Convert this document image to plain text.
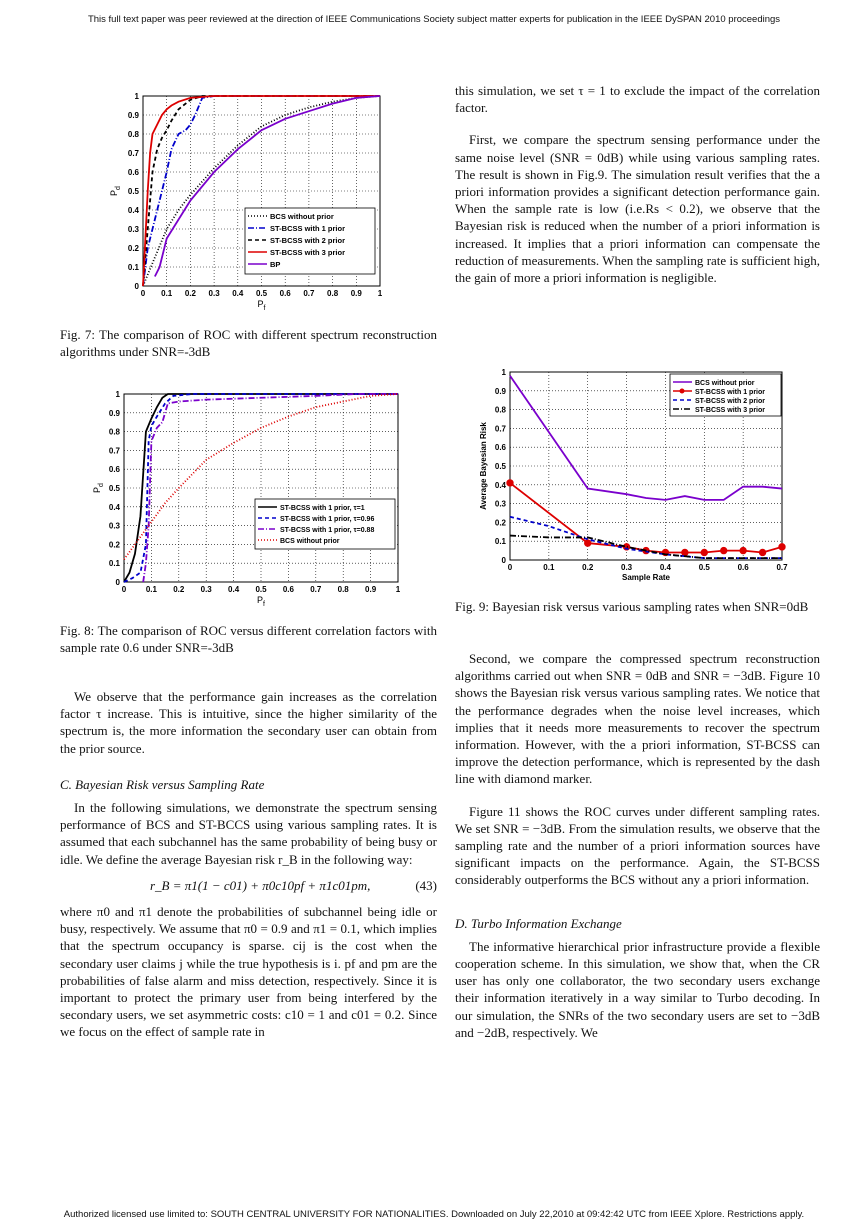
This full text paper was peer reviewed at the direction of IEEE Communications Society subject matter experts for publication in the IEEE DySPAN 2010 proceedings
0 0.1 0.2 0.3 0.4 0.5 0.6 0.7 0.8 0.9 1
0
0.1
0.2
0.3
0.4
0.5
0.6
0.7
0.8
0.9
1
$P_f$
$P_d$
BCS without prior
ST-BCSS with 1 prior
ST-BCSS with 2 prior
ST-BCSS with 3 prior
BP
Fig. 7: The comparison of ROC with different spectrum reconstruction algorithms under SNR=-3dB
0 0.1 0.2 0.3 0.4 0.5 0.6 0.7 0.8 0.9 1
0
0.1
0.2
0.3
0.4
0.5
0.6
0.7
0.8
0.9
1
$P_f$
$P_d$
ST-BCSS with 1 prior, τ=1
ST-BCSS with 1 prior, τ=0.96
ST-BCSS with 1 prior, τ=0.88
BCS without prior
Fig. 8: The comparison of ROC versus different correlation factors with sample rate 0.6 under SNR=-3dB

We observe that the performance gain increases as the correlation factor τ increase. This is intuitive, since the higher similarity of the spectrum is, the more information the secondary user can obtain from the prior source.

C. Bayesian Risk versus Sampling Rate

In the following simulations, we demonstrate the spectrum sensing performance of BCS and ST-BCCS using various sampling rates. It is assumed that each subchannel has the same probability of being busy or idle. We define the average Bayesian risk r_B in the following way:

r_B = π1(1 − c01) + π0c10pf + π1c01pm,	(43)

where π0 and π1 denote the probabilities of subchannel being idle or busy, respectively. We assume that π0 = 0.9 and π1 = 0.1, which implies that the spectrum occupancy is sparse. cij is the cost when the secondary user claims j while the true hypothesis is i. pf and pm are the probabilities of false alarm and miss detection, respectively. Since it is important to protect the primary user from being interfered by the secondary users, we set asymmetric costs: c10 = 1 and c01 = 0.2. Since we focus on the effect of sample rate in

this simulation, we set τ = 1 to exclude the impact of the correlation factor.

First, we compare the spectrum sensing performance under the same noise level (SNR = 0dB) while using various sampling rates. The result is shown in Fig.9. The simulation result verifies that the a priori information provides a significant detection performance gain. When the sample rate is low (i.e.Rs < 0.2), we observe that the Bayesian risk is reduced when the number of a priori information is increased. It implies that a priori information can compensate the reduction of measurements. When the sampling rate is sufficient high, the gain of more a priori information is negligible.

0	0.1	0.2	0.3	0.4	0.5	0.6	0.7
0
0.1
0.2
0.3
0.4
0.5
0.6
0.7
0.8
0.9
1
Sample Rate
Average Bayesian Risk
BCS without prior
ST-BCSS with 1 prior
ST-BCSS with 2 prior
ST-BCSS with 3 prior
Fig. 9: Bayesian risk versus various sampling rates when SNR=0dB

Second, we compare the compressed spectrum reconstruction algorithms carried out when SNR = 0dB and SNR = −3dB. Figure 10 shows the Bayesian risk versus various sampling rates. We notice that the performance degrades when the noise level increases, which implies that it needs more measurements to recover the spectrum information. However, with the a priori information, ST-BCSS can improve the detection performance, which is represented by the dash line with diamond marker.

Figure 11 shows the ROC curves under different sampling rates. We set SNR = −3dB. From the simulation results, we observe that the sampling rate and the number of a priori information sources have significant impacts on the performance. Again, the ST-BCSS considerably outperforms the BCS without any a priori information.

D. Turbo Information Exchange

The informative hierarchical prior infrastructure provide a flexible cooperation scheme. In this simulation, we show that, when the CR user has only one collaborator, the two secondary users exchange their information iteratively in a way similar to Turbo decoding. In our simulation, the SNRs of the two secondary users are set to −3dB and −2dB, respectively. We

Authorized licensed use limited to: SOUTH CENTRAL UNIVERSITY FOR NATIONALITIES. Downloaded on July 22,2010 at 09:42:42 UTC from IEEE Xplore. Restrictions apply.
